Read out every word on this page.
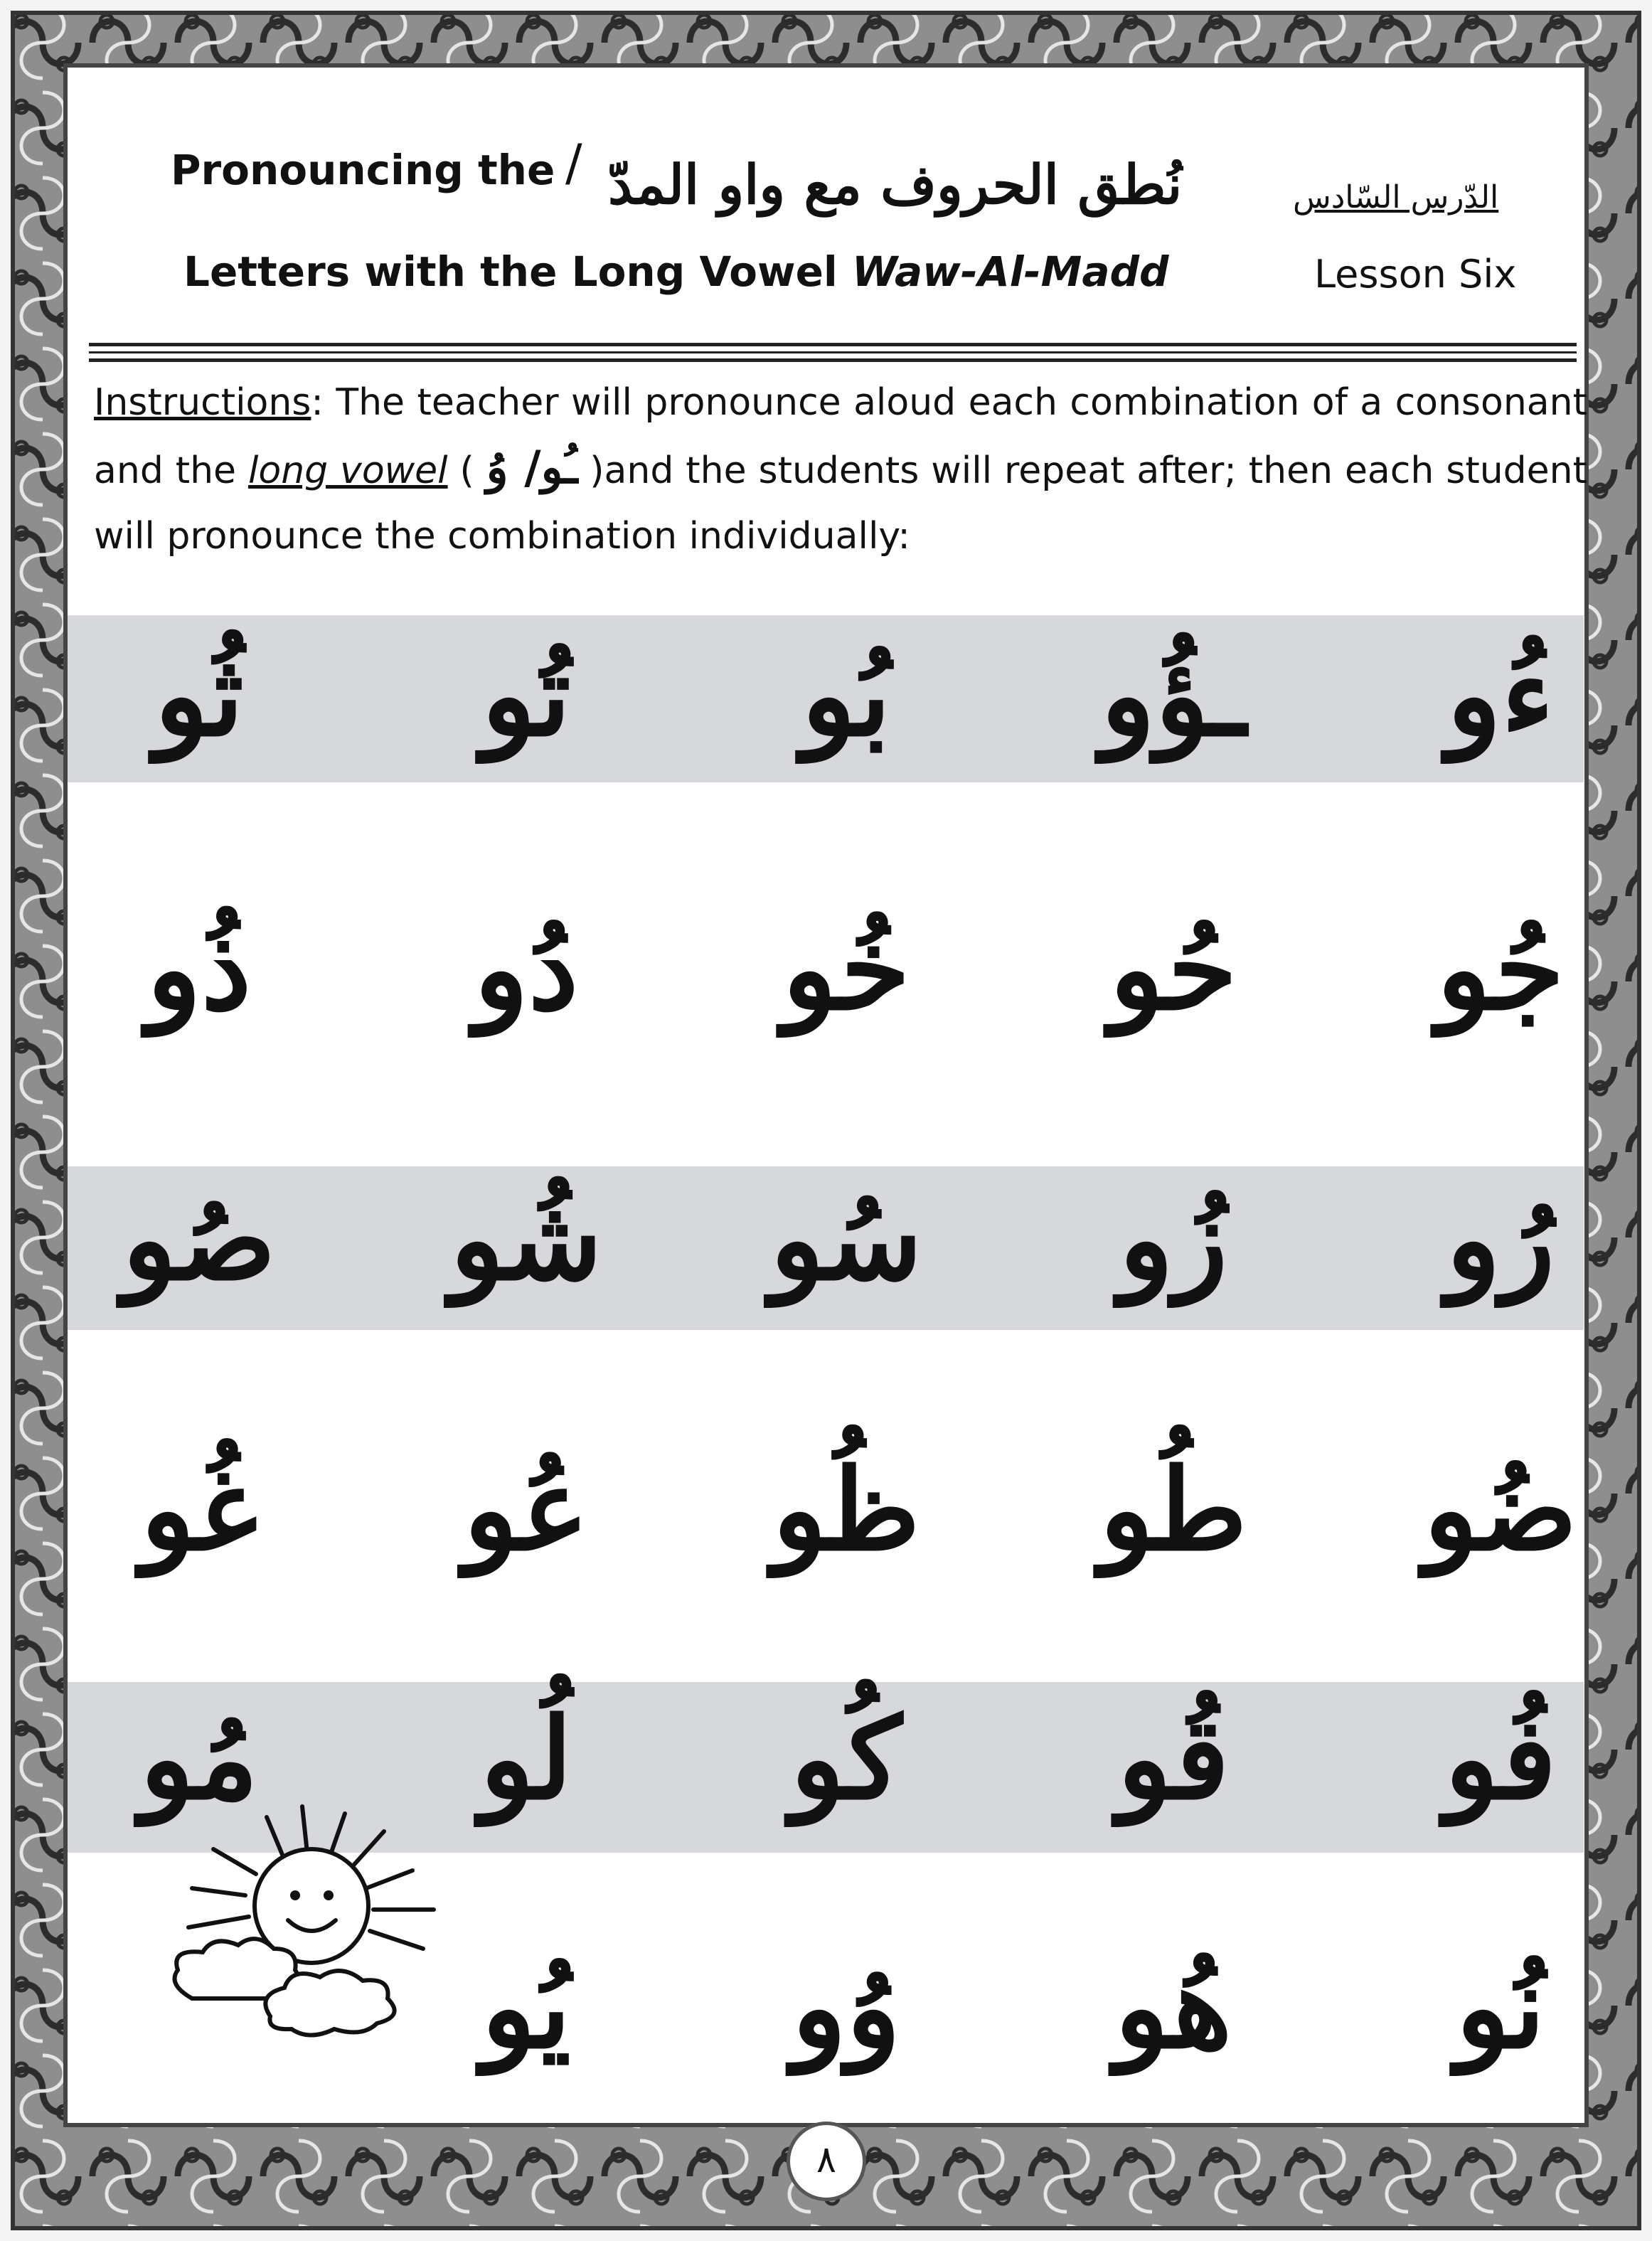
Pronouncing the / نُطق الحروف مع واو المدّ
Letters with the Long Vowel Waw-Al-Madd
الدّرس السّادس
Lesson Six
Instructions: The teacher will pronounce aloud each combination of a consonant and the long vowel ( ـُو/ وُ )and the students will repeat after; then each student will pronounce the combination individually:
ءُو
ـؤُو
بُو
تُو
ثُو
جُو
حُو
خُو
دُو
ذُو
رُو
زُو
سُو
شُو
صُو
ضُو
طُو
ظُو
عُو
غُو
فُو
قُو
كُو
لُو
مُو
نُو
هُو
وُو
يُو
٨
